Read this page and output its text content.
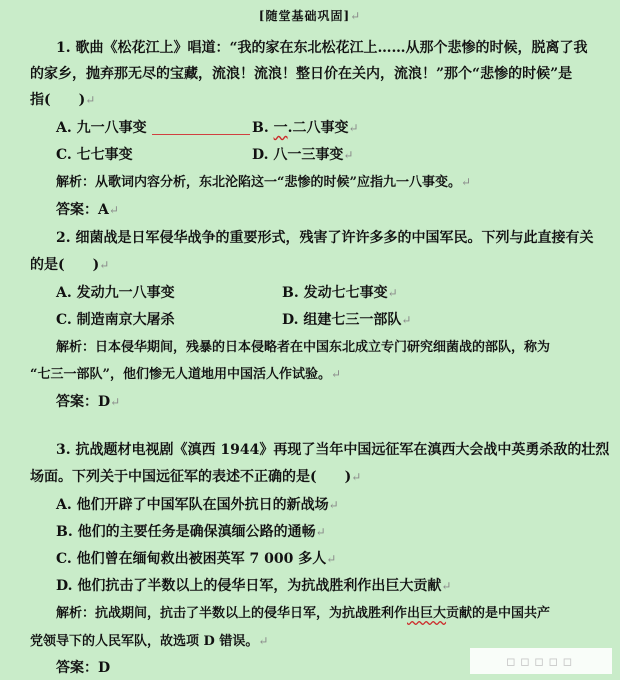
[随堂基础巩固]↵
1. 歌曲《松花江上》唱道：“我的家在东北松花江上……从那个悲惨的时候，脱离了我
的家乡，抛弃那无尽的宝藏，流浪！流浪！整日价在关内，流浪！”那个“悲惨的时候”是
指(　　)↵
A. 九一八事变	B. 一.二八事变↵
C. 七七事变	D. 八一三事变↵
解析：从歌词内容分析，东北沦陷这一“悲惨的时候”应指九一八事变。↵
答案：A↵
2. 细菌战是日军侵华战争的重要形式，残害了许许多多的中国军民。下列与此直接有关
的是(　　)↵
A. 发动九一八事变	B. 发动七七事变↵
C. 制造南京大屠杀	D. 组建七三一部队↵
解析：日本侵华期间，残暴的日本侵略者在中国东北成立专门研究细菌战的部队，称为
“七三一部队”，他们惨无人道地用中国活人作试验。↵
答案：D↵
3. 抗战题材电视剧《滇西 1944》再现了当年中国远征军在滇西大会战中英勇杀敌的壮烈
场面。下列关于中国远征军的表述不正确的是(　　)↵
A. 他们开辟了中国军队在国外抗日的新战场↵
B. 他们的主要任务是确保滇缅公路的通畅↵
C. 他们曾在缅甸救出被困英军 7 000 多人↵
D. 他们抗击了半数以上的侵华日军，为抗战胜利作出巨大贡献↵
解析：抗战期间，抗击了半数以上的侵华日军，为抗战胜利作出巨大贡献的是中国共产
党领导下的人民军队，故选项 D 错误。↵
答案：D	▫▫▫▫▫
